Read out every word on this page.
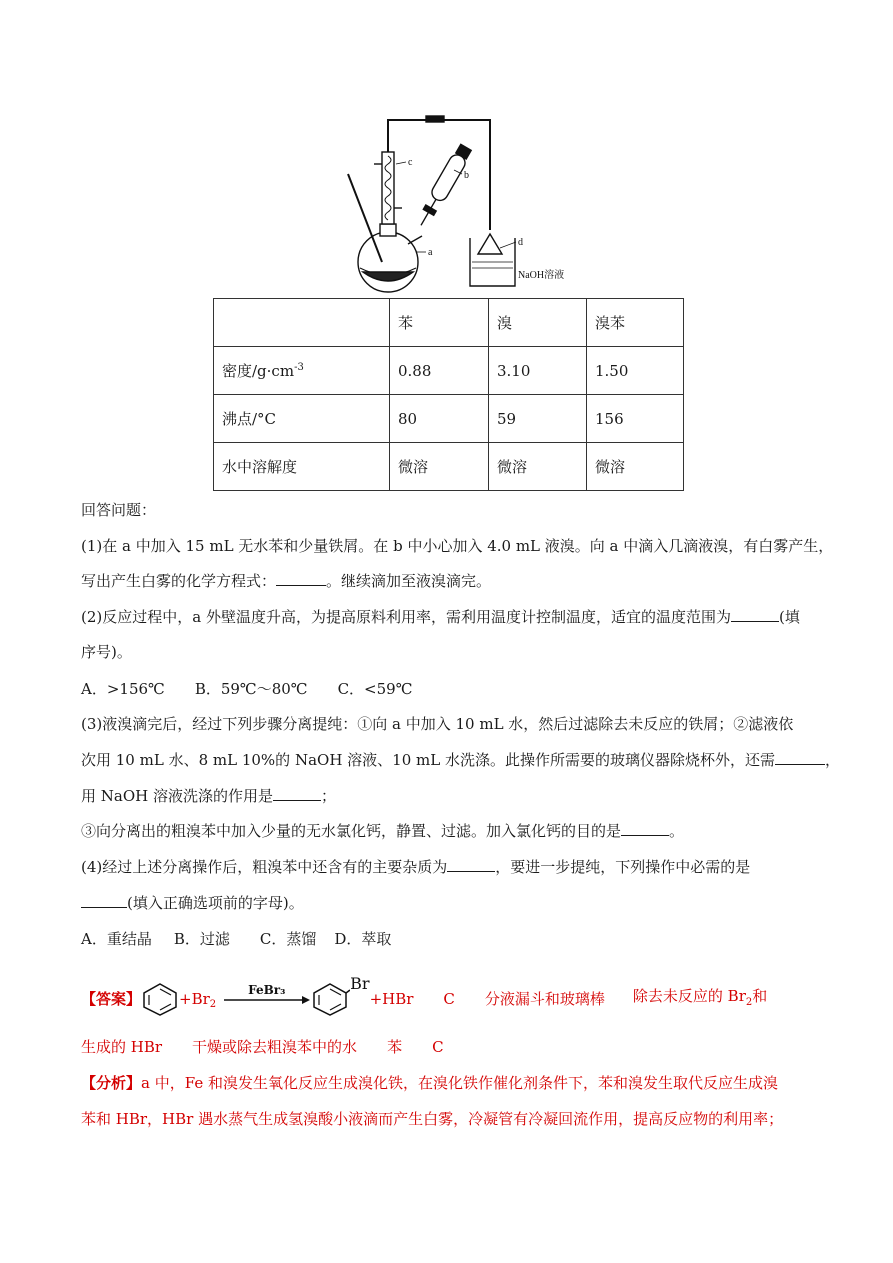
a
b
c
d
NaOH溶液
	苯	溴	溴苯
密度$/g\cdot cm^{-3}$	0.88	3.10	1.50
沸点/°C	80	59	156
水中溶解度	微溶	微溶	微溶
回答问题：
(1)在 a 中加入 15 mL 无水苯和少量铁屑。在 b 中小心加入 4.0 mL 液溴。向 a 中滴入几滴液溴，有白雾产生，
写出产生白雾的化学方程式：	。继续滴加至液溴滴完。
(2)反应过程中，a 外壁温度升高，为提高原料利用率，需利用温度计控制温度，适宜的温度范围为	(填
序号)。
A．>156℃ B．59℃～80℃ C．<59℃
(3)液溴滴完后，经过下列步骤分离提纯：①向 a 中加入 10 mL 水，然后过滤除去未反应的铁屑；②滤液依
次用 10 mL 水、8 mL 10%的 NaOH 溶液、10 mL 水洗涤。此操作所需要的玻璃仪器除烧杯外，还需	，
用 NaOH 溶液洗涤的作用是	；
③向分离出的粗溴苯中加入少量的无水氯化钙，静置、过滤。加入氯化钙的目的是	。
(4)经过上述分离操作后，粗溴苯中还含有的主要杂质为	，要进一步提纯，下列操作中必需的是
(填入正确选项前的字母)。
A．重结晶 B．过滤 C．蒸馏 D．萃取
【答案】	$+Br_2$
FeBr₃	Br+HBr C 分液漏斗和玻璃棒 除去未反应的 $Br_2$和
生成的 HBr 干燥或除去粗溴苯中的水 苯 C
【分析】a 中，Fe 和溴发生氧化反应生成溴化铁，在溴化铁作催化剂条件下，苯和溴发生取代反应生成溴
苯和 HBr，HBr 遇水蒸气生成氢溴酸小液滴而产生白雾，冷凝管有冷凝回流作用，提高反应物的利用率；
